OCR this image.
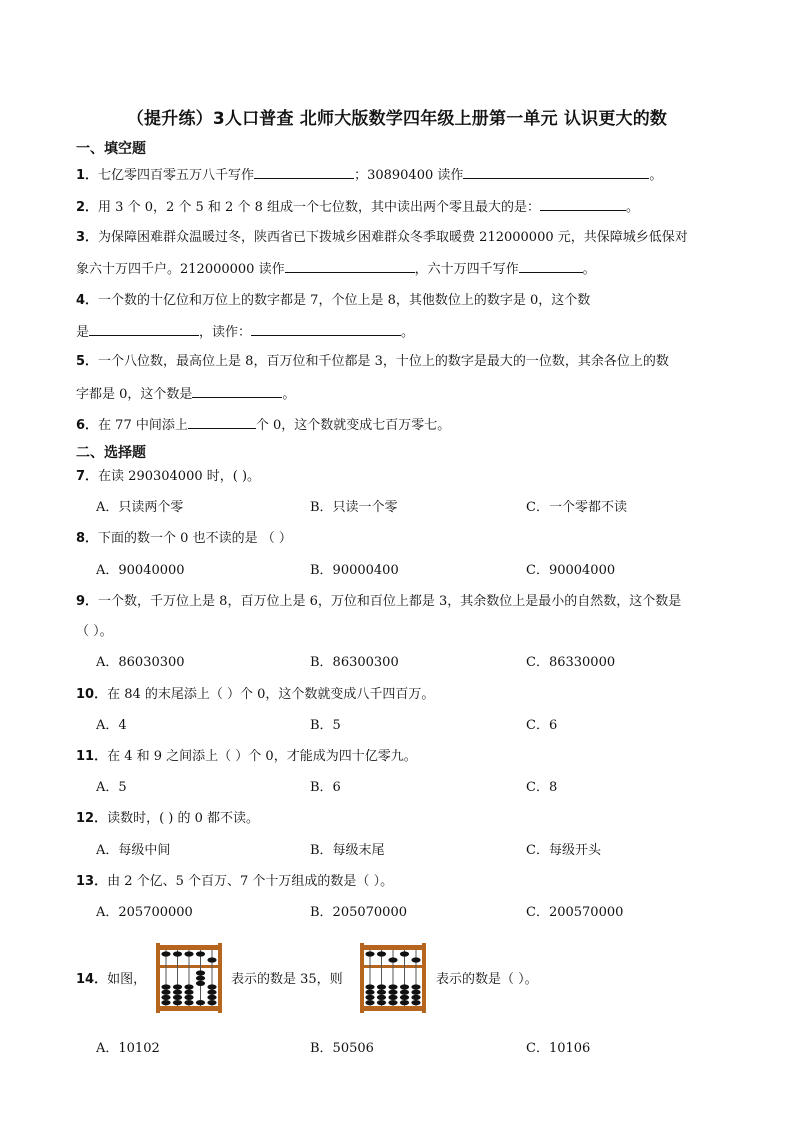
（提升练）3人口普查 北师大版数学四年级上册第一单元 认识更大的数
一、填空题
1．七亿零四百零五万八千写作	；30890400 读作	。
2．用 3 个 0，2 个 5 和 2 个 8 组成一个七位数，其中读出两个零且最大的是：	。
3．为保障困难群众温暖过冬，陕西省已下拨城乡困难群众冬季取暖费 212000000 元，共保障城乡低保对
象六十万四千户。212000000 读作	，六十万四千写作	。
4．一个数的十亿位和万位上的数字都是 7，个位上是 8，其他数位上的数字是 0，这个数
是	，读作：	。
5．一个八位数，最高位上是 8，百万位和千位都是 3，十位上的数字是最大的一位数，其余各位上的数
字都是 0，这个数是	。
6．在 77 中间添上	个 0，这个数就变成七百万零七。
二、选择题
7．在读 290304000 时，( )。
A．只读两个零	B．只读一个零	C．一个零都不读
8．下面的数一个 0 也不读的是 （ ）
A．90040000	B．90000400	C．90004000
9．一个数，千万位上是 8，百万位上是 6，万位和百位上都是 3，其余数位上是最小的自然数，这个数是
（ ）。
A．86030300	B．86300300	C．86330000
10．在 84 的末尾添上（ ）个 0，这个数就变成八千四百万。
A．4	B．5	C．6
11．在 4 和 9 之间添上（ ）个 0，才能成为四十亿零九。
A．5	B．6	C．8
12．读数时，( ) 的 0 都不读。
A．每级中间	B．每级末尾	C．每级开头
13．由 2 个亿、5 个百万、7 个十万组成的数是（ ）。
A．205700000	B．205070000	C．200570000
14．如图，	表示的数是 35，则	表示的数是（ ）。
A．10102	B．50506	C．10106
